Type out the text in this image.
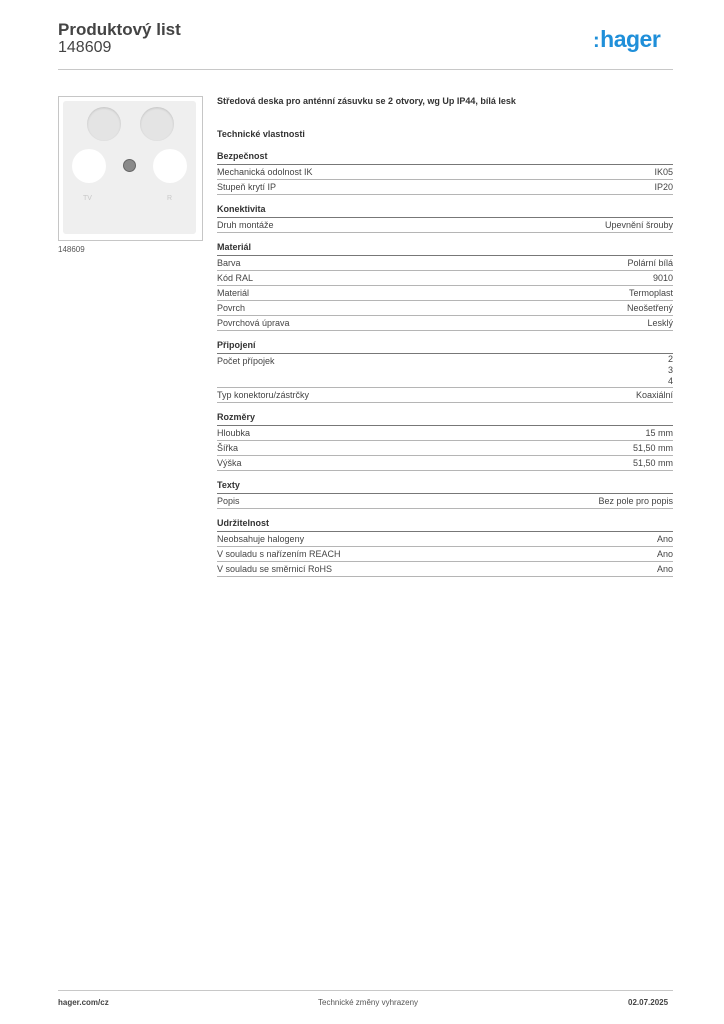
Produktový list
148609	:hager
TV	R
148609
Středová deska pro anténní zásuvku se 2 otvory, wg Up IP44, bílá lesk
Technické vlastnosti
Bezpečnost
Mechanická odolnost IK	IK05
Stupeň krytí IP	IP20
Konektivita
Druh montáže	Upevnění šrouby
Materiál
Barva	Polární bílá
Kód RAL	9010
Materiál	Termoplast
Povrch	Neošetřený
Povrchová úprava	Lesklý
Připojení
Počet přípojek	2
3
4
Typ konektoru/zástrčky	Koaxiální
Rozměry
Hloubka	15 mm
Šířka	51,50 mm
Výška	51,50 mm
Texty
Popis	Bez pole pro popis
Udržitelnost
Neobsahuje halogeny	Ano
V souladu s nařízením REACH	Ano
V souladu se směrnicí RoHS	Ano
hager.com/cz	Technické změny vyhrazeny	02.07.2025
